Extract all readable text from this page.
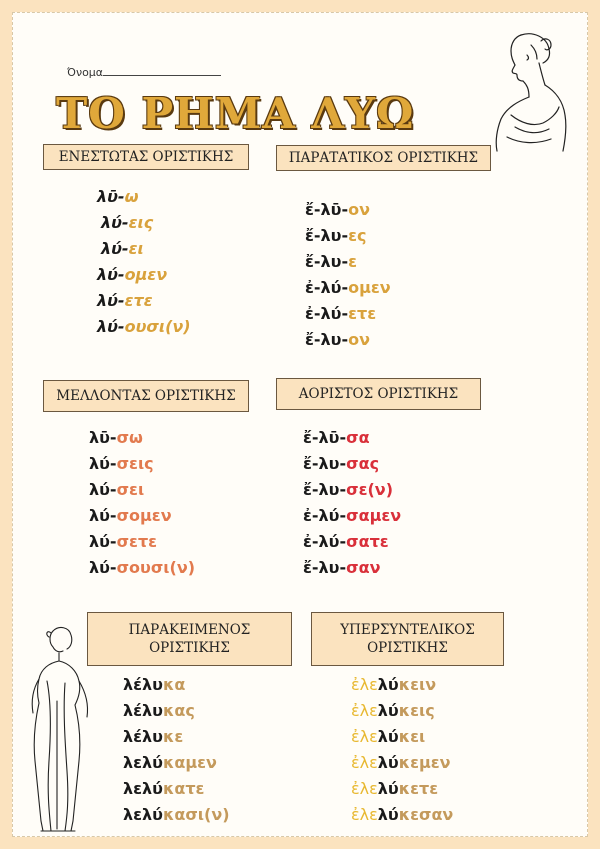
Όνομα
ΤΟ ΡΗΜΑ ΛΥΩ
ΕΝΕΣΤΩΤΑΣ ΟΡΙΣΤΙΚΗΣ	ΠΑΡΑΤΑΤΙΚΟΣ ΟΡΙΣΤΙΚΗΣ
ΜΕΛΛΟΝΤΑΣ ΟΡΙΣΤΙΚΗΣ	ΑΟΡΙΣΤΟΣ ΟΡΙΣΤΙΚΗΣ
ΠΑΡΑΚΕΙΜΕΝΟΣ ΟΡΙΣΤΙΚΗΣ
ΥΠΕΡΣΥΝΤΕΛΙΚΟΣ ΟΡΙΣΤΙΚΗΣ
λῡ-ω
λύ-εις
λύ-ει
λύ-ομεν
λύ-ετε
λύ-ουσι(ν)
ἔ-λῡ-ον
ἔ-λυ-ες
ἔ-λυ-ε
ἐ-λύ-ομεν
ἐ-λύ-ετε
ἔ-λυ-ον
λῡ-σω
λύ-σεις
λύ-σει
λύ-σομεν
λύ-σετε
λύ-σουσι(ν)
ἔ-λῡ-σα
ἔ-λυ-σας
ἔ-λυ-σε(ν)
ἐ-λύ-σαμεν
ἐ-λύ-σατε
ἔ-λυ-σαν
λέλυκα
λέλυκας
λέλυκε
λελύκαμεν
λελύκατε
λελύκασι(ν)
ἐλελύκειν
ἐλελύκεις
ἐλελύκει
ἐλελύκεμεν
ἐλελύκετε
ἐλελύκεσαν
